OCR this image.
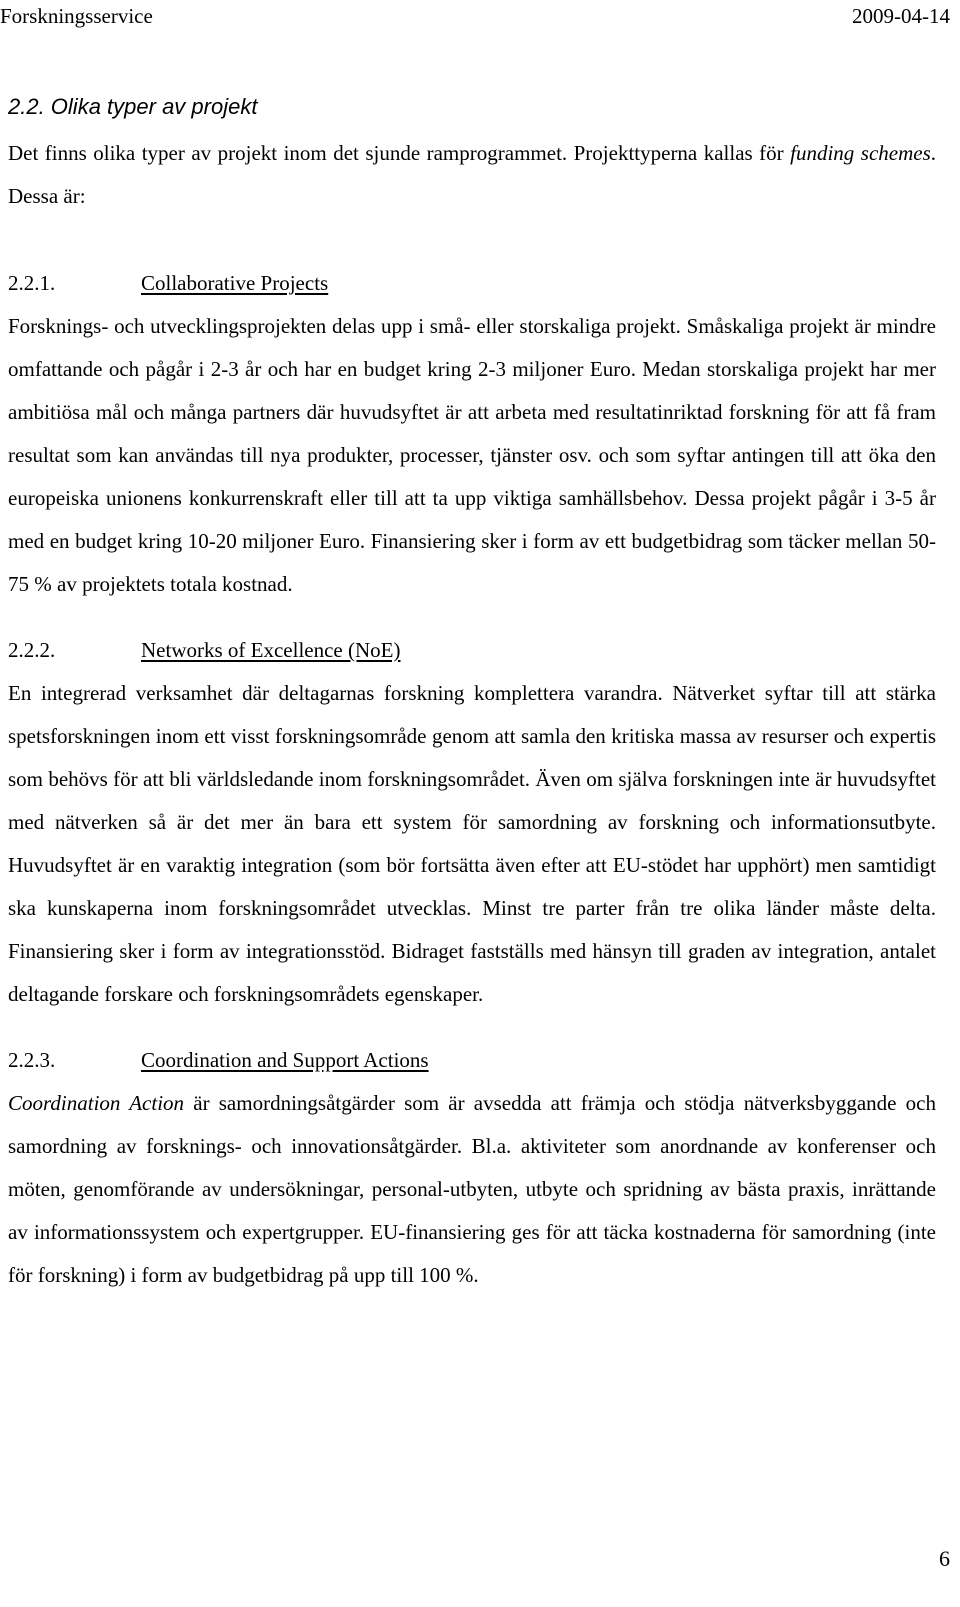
Forskningsservice	2009-04-14
2.2. Olika typer av projekt

Det finns olika typer av projekt inom det sjunde ramprogrammet. Projekttyperna kallas för funding schemes. Dessa är:

2.2.1.	Collaborative Projects

Forsknings- och utvecklingsprojekten delas upp i små- eller storskaliga projekt. Småskaliga projekt är mindre omfattande och pågår i 2-3 år och har en budget kring 2-3 miljoner Euro. Medan storskaliga projekt har mer ambitiösa mål och många partners där huvudsyftet är att arbeta med resultatinriktad forskning för att få fram resultat som kan användas till nya produkter, processer, tjänster osv. och som syftar antingen till att öka den europeiska unionens konkurrenskraft eller till att ta upp viktiga samhällsbehov. Dessa projekt pågår i 3-5 år med en budget kring 10-20 miljoner Euro. Finansiering sker i form av ett budgetbidrag som täcker mellan 50-75 % av projektets totala kostnad.

2.2.2.	Networks of Excellence (NoE)

En integrerad verksamhet där deltagarnas forskning komplettera varandra. Nätverket syftar till att stärka spetsforskningen inom ett visst forskningsområde genom att samla den kritiska massa av resurser och expertis som behövs för att bli världsledande inom forskningsområdet. Även om själva forskningen inte är huvudsyftet med nätverken så är det mer än bara ett system för samordning av forskning och informationsutbyte. Huvudsyftet är en varaktig integration (som bör fortsätta även efter att EU-stödet har upphört) men samtidigt ska kunskaperna inom forskningsområdet utvecklas. Minst tre parter från tre olika länder måste delta. Finansiering sker i form av integrationsstöd. Bidraget fastställs med hänsyn till graden av integration, antalet deltagande forskare och forskningsområdets egenskaper.

2.2.3.	Coordination and Support Actions

Coordination Action är samordningsåtgärder som är avsedda att främja och stödja nätverksbyggande och samordning av forsknings- och innovationsåtgärder. Bl.a. aktiviteter som anordnande av konferenser och möten, genomförande av undersökningar, personal-utbyten, utbyte och spridning av bästa praxis, inrättande av informationssystem och expertgrupper. EU-finansiering ges för att täcka kostnaderna för samordning (inte för forskning) i form av budgetbidrag på upp till 100 %.

6
